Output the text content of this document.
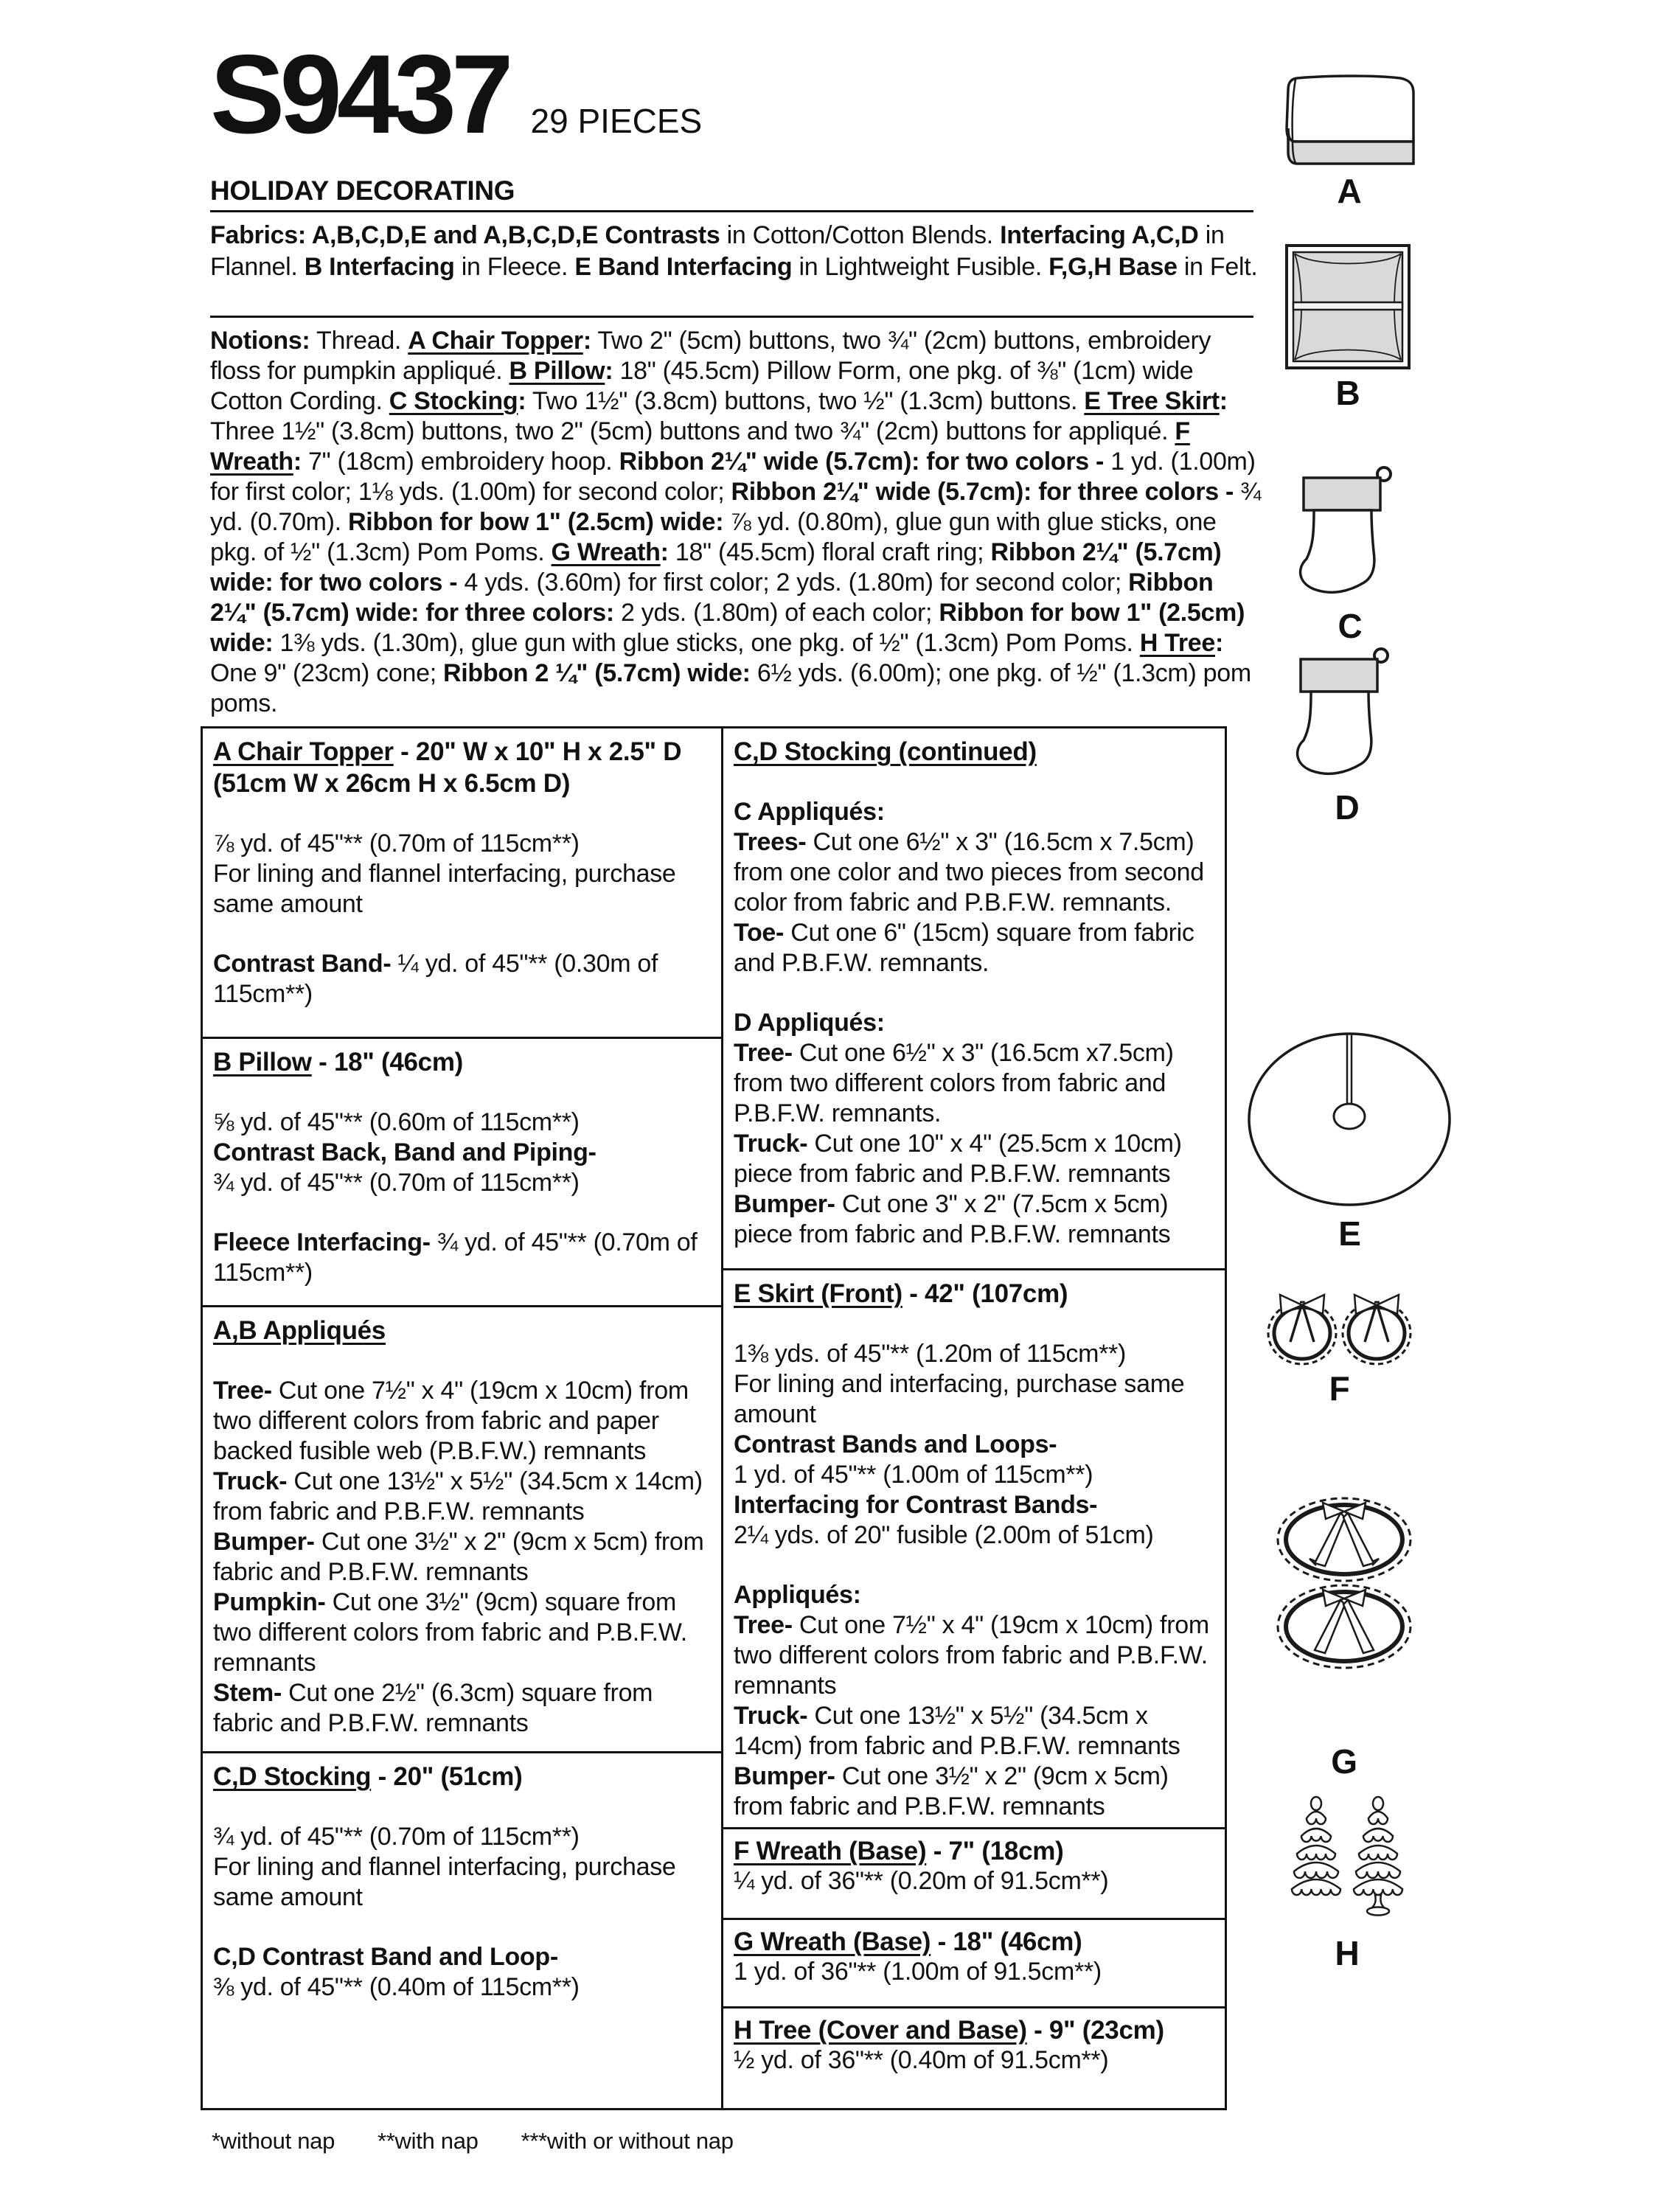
S9437 29 PIECES
HOLIDAY DECORATING

Fabrics: A,B,C,D,E and A,B,C,D,E Contrasts in Cotton/Cotton Blends. Interfacing A,C,D in Flannel. B Interfacing in Fleece. E Band Interfacing in Lightweight Fusible. F,G,H Base in Felt.

Notions: Thread. A Chair Topper: Two 2" (5cm) buttons, two ¾" (2cm) buttons, embroidery floss for pumpkin appliqué. B Pillow: 18" (45.5cm) Pillow Form, one pkg. of ⅜" (1cm) wide Cotton Cording. C Stocking: Two 1½" (3.8cm) buttons, two ½" (1.3cm) buttons. E Tree Skirt: Three 1½" (3.8cm) buttons, two 2" (5cm) buttons and two ¾" (2cm) buttons for appliqué. F Wreath: 7" (18cm) embroidery hoop. Ribbon 2¼" wide (5.7cm): for two colors - 1 yd. (1.00m) for first color; 1⅛ yds. (1.00m) for second color; Ribbon 2¼" wide (5.7cm): for three colors - ¾ yd. (0.70m). Ribbon for bow 1" (2.5cm) wide: ⅞ yd. (0.80m), glue gun with glue sticks, one pkg. of ½" (1.3cm) Pom Poms. G Wreath: 18" (45.5cm) floral craft ring; Ribbon 2¼" (5.7cm) wide: for two colors - 4 yds. (3.60m) for first color; 2 yds. (1.80m) for second color; Ribbon 2¼" (5.7cm) wide: for three colors: 2 yds. (1.80m) of each color; Ribbon for bow 1" (2.5cm) wide: 1⅜ yds. (1.30m), glue gun with glue sticks, one pkg. of ½" (1.3cm) Pom Poms. H Tree: One 9" (23cm) cone; Ribbon 2 ¼" (5.7cm) wide: 6½ yds. (6.00m); one pkg. of ½" (1.3cm) pom poms.

A Chair Topper - 20" W x 10" H x 2.5" D (51cm W x 26cm H x 6.5cm D)

⅞ yd. of 45"** (0.70m of 115cm**)

For lining and flannel interfacing, purchase same amount

Contrast Band- ¼ yd. of 45"** (0.30m of 115cm**)

B Pillow - 18" (46cm)

⅝ yd. of 45"** (0.60m of 115cm**)

Contrast Back, Band and Piping-

¾ yd. of 45"** (0.70m of 115cm**)

Fleece Interfacing- ¾ yd. of 45"** (0.70m of 115cm**)

A,B Appliqués

Tree- Cut one 7½" x 4" (19cm x 10cm) from two different colors from fabric and paper backed fusible web (P.B.F.W.) remnants

Truck- Cut one 13½" x 5½" (34.5cm x 14cm) from fabric and P.B.F.W. remnants

Bumper- Cut one 3½" x 2" (9cm x 5cm) from fabric and P.B.F.W. remnants

Pumpkin- Cut one 3½" (9cm) square from two different colors from fabric and P.B.F.W. remnants

Stem- Cut one 2½" (6.3cm) square from fabric and P.B.F.W. remnants

C,D Stocking - 20" (51cm)

¾ yd. of 45"** (0.70m of 115cm**)

For lining and flannel interfacing, purchase same amount

C,D Contrast Band and Loop-

⅜ yd. of 45"** (0.40m of 115cm**)

C,D Stocking (continued)

C Appliqués:

Trees- Cut one 6½" x 3" (16.5cm x 7.5cm) from one color and two pieces from second color from fabric and P.B.F.W. remnants.

Toe- Cut one 6" (15cm) square from fabric and P.B.F.W. remnants.

D Appliqués:

Tree- Cut one 6½" x 3" (16.5cm x7.5cm) from two different colors from fabric and P.B.F.W. remnants.

Truck- Cut one 10" x 4" (25.5cm x 10cm) piece from fabric and P.B.F.W. remnants

Bumper- Cut one 3" x 2" (7.5cm x 5cm) piece from fabric and P.B.F.W. remnants

E Skirt (Front) - 42" (107cm)

1⅜ yds. of 45"** (1.20m of 115cm**)

For lining and interfacing, purchase same amount

Contrast Bands and Loops-

1 yd. of 45"** (1.00m of 115cm**)

Interfacing for Contrast Bands-

2¼ yds. of 20" fusible (2.00m of 51cm)

Appliqués:

Tree- Cut one 7½" x 4" (19cm x 10cm) from two different colors from fabric and P.B.F.W. remnants

Truck- Cut one 13½" x 5½" (34.5cm x 14cm) from fabric and P.B.F.W. remnants

Bumper- Cut one 3½" x 2" (9cm x 5cm) from fabric and P.B.F.W. remnants

F Wreath (Base) - 7" (18cm)

¼ yd. of 36"** (0.20m of 91.5cm**)

G Wreath (Base) - 18" (46cm)

1 yd. of 36"** (1.00m of 91.5cm**)

H Tree (Cover and Base) - 9" (23cm)

½ yd. of 36"** (0.40m of 91.5cm**)

*without nap **with nap ***with or without nap
A
B
C
D
E
F
G
H
